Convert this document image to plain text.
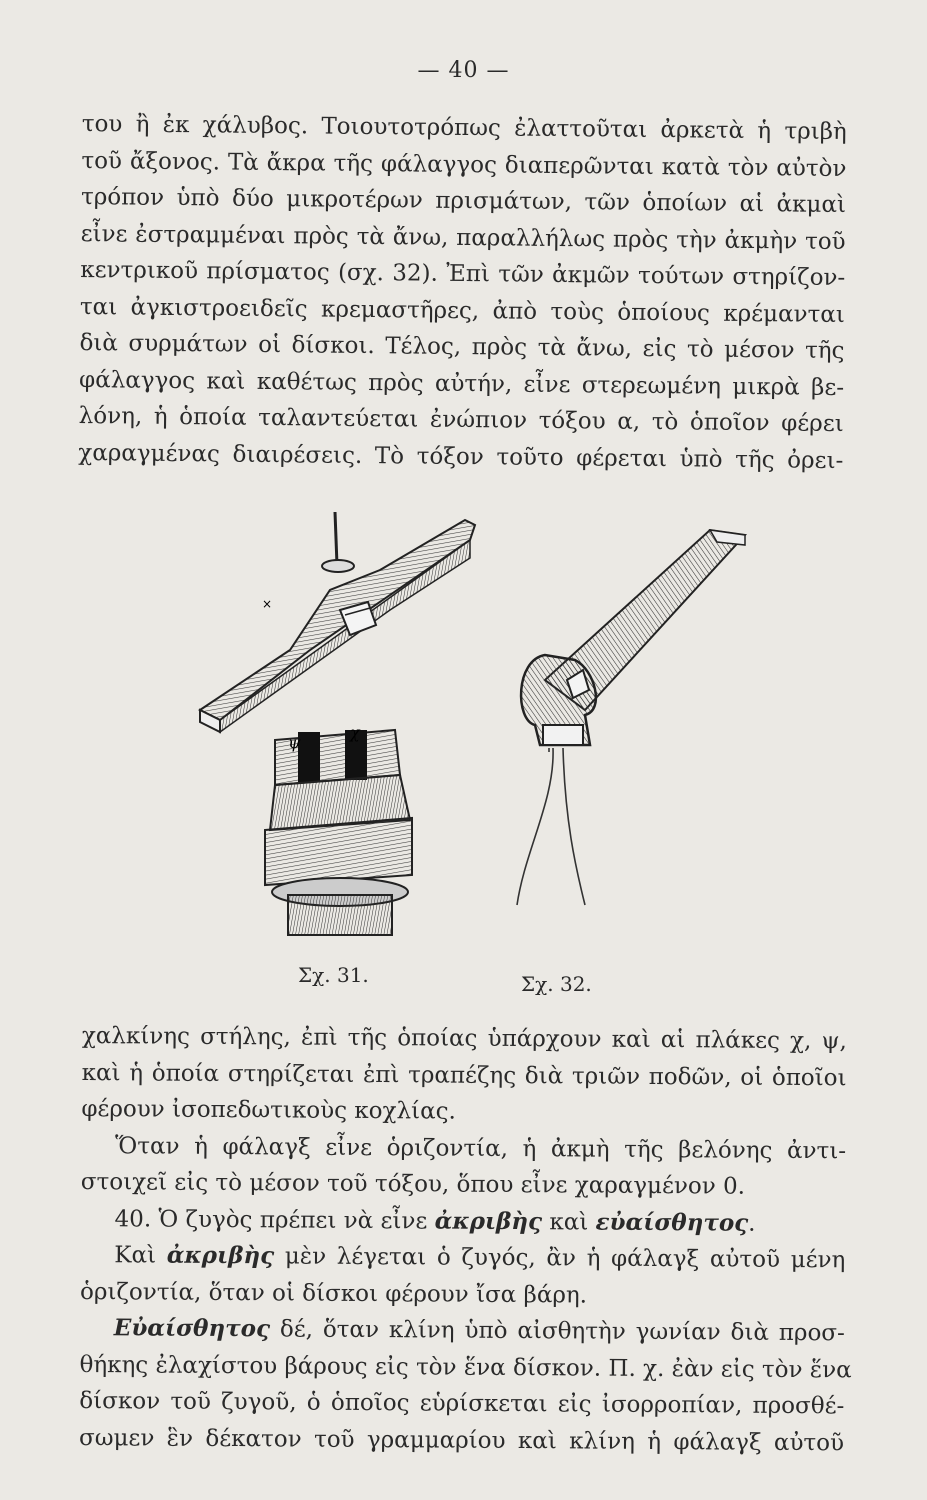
— 40 —
του ἢ ἐκ χάλυβος. Τοιουτοτρόπως ἐλαττοῦται ἀρκετὰ ἡ τριβὴ
τοῦ ἄξονος. Τὰ ἄκρα τῆς φάλαγγος διαπερῶνται κατὰ τὸν αὐτὸν
τρόπον ὑπὸ δύο μικροτέρων πρισμάτων, τῶν ὁποίων αἱ ἀκμαὶ
εἶνε ἐστραμμέναι πρὸς τὰ ἄνω, παραλλήλως πρὸς τὴν ἀκμὴν τοῦ
κεντρικοῦ πρίσματος (σχ. 32). Ἐπὶ τῶν ἀκμῶν τούτων στηρίζον-
ται ἀγκιστροειδεῖς κρεμαστῆρες, ἀπὸ τοὺς ὁποίους κρέμανται
διὰ συρμάτων οἱ δίσκοι. Τέλος, πρὸς τὰ ἄνω, εἰς τὸ μέσον τῆς
φάλαγγος καὶ καθέτως πρὸς αὐτήν, εἶνε στερεωμένη μικρὰ βε-
λόνη, ἡ ὁποία ταλαντεύεται ἐνώπιον τόξου α, τὸ ὁποῖον φέρει
χαραγμένας διαιρέσεις. Τὸ τόξον τοῦτο φέρεται ὑπὸ τῆς ὀρει-
×
ψ
χ
Σχ. 31.	Σχ. 32.
χαλκίνης στήλης, ἐπὶ τῆς ὁποίας ὑπάρχουν καὶ αἱ πλάκες χ, ψ,
καὶ ἡ ὁποία στηρίζεται ἐπὶ τραπέζης διὰ τριῶν ποδῶν, οἱ ὁποῖοι
φέρουν ἰσοπεδωτικοὺς κοχλίας.
Ὅταν ἡ φάλαγξ εἶνε ὁριζοντία, ἡ ἀκμὴ τῆς βελόνης ἀντι-
στοιχεῖ εἰς τὸ μέσον τοῦ τόξου, ὅπου εἶνε χαραγμένον 0.
40. Ὁ ζυγὸς πρέπει νὰ εἶνε ἀκριβὴς καὶ εὐαίσθητος.
Καὶ ἀκριβὴς μὲν λέγεται ὁ ζυγός, ἂν ἡ φάλαγξ αὐτοῦ μένη
ὁριζοντία, ὅταν οἱ δίσκοι φέρουν ἴσα βάρη.
Εὐαίσθητος δέ, ὅταν κλίνη ὑπὸ αἰσθητὴν γωνίαν διὰ προσ-
θήκης ἐλαχίστου βάρους εἰς τὸν ἕνα δίσκον. Π. χ. ἐὰν εἰς τὸν ἕνα
δίσκον τοῦ ζυγοῦ, ὁ ὁποῖος εὑρίσκεται εἰς ἰσορροπίαν, προσθέ-
σωμεν ἓν δέκατον τοῦ γραμμαρίου καὶ κλίνη ἡ φάλαγξ αὐτοῦ
